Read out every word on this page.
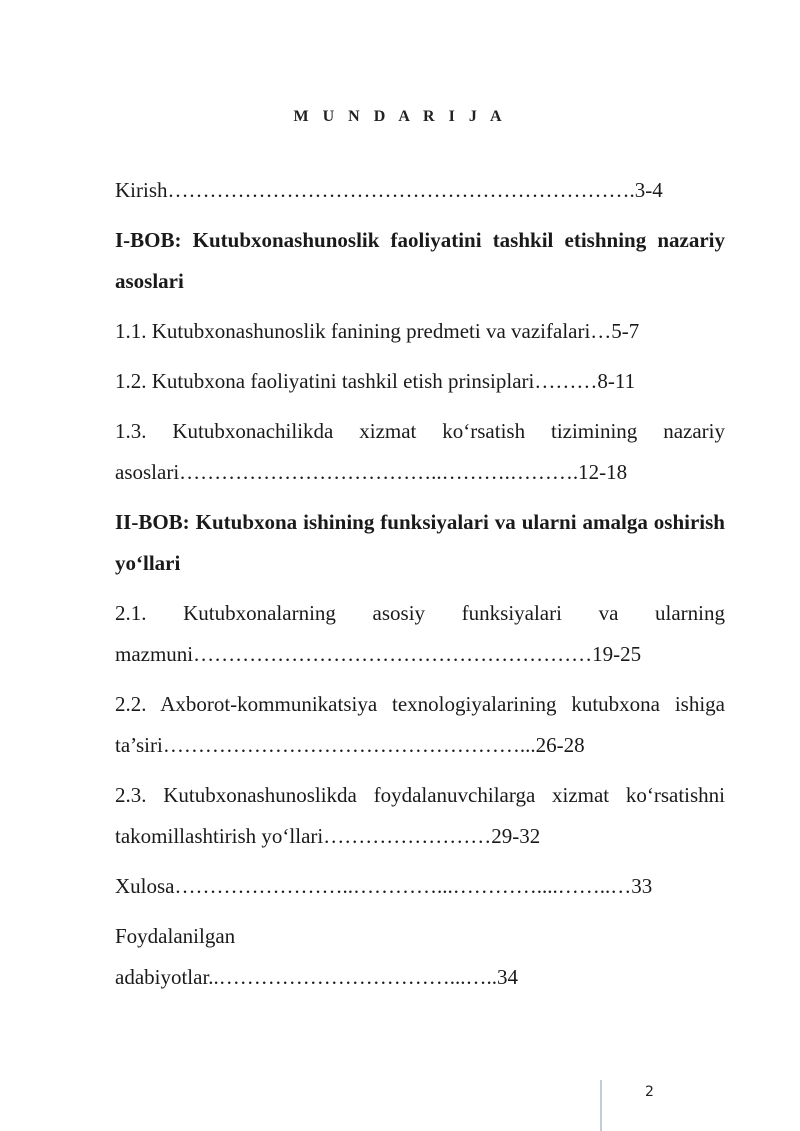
M U N D A R I J A
Kirish………………………………………………………….3-4
I-BOB: Kutubxonashunoslik faoliyatini tashkil etishning nazariy asoslari
1.1. Kutubxonashunoslik fanining predmeti va vazifalari…5-7
1.2. Kutubxona faoliyatini tashkil etish prinsiplari………8-11
1.3. Kutubxonachilikda xizmat ko‘rsatish tizimining nazariy asoslari………………………………..……….……….12-18
II-BOB: Kutubxona ishining funksiyalari va ularni amalga oshirish yo‘llari
2.1. Kutubxonalarning asosiy funksiyalari va ularning mazmuni…………………………………………………19-25
2.2. Axborot-kommunikatsiya texnologiyalarining kutubxona ishiga ta’siri……………………………………………...26-28
2.3. Kutubxonashunoslikda foydalanuvchilarga xizmat ko‘rsatishni takomillashtirish yo‘llari……………………29-32
Xulosa……………………..…………...…………....……..…33
Foydalanilgan
adabiyotlar..……………………………...…..34
2
